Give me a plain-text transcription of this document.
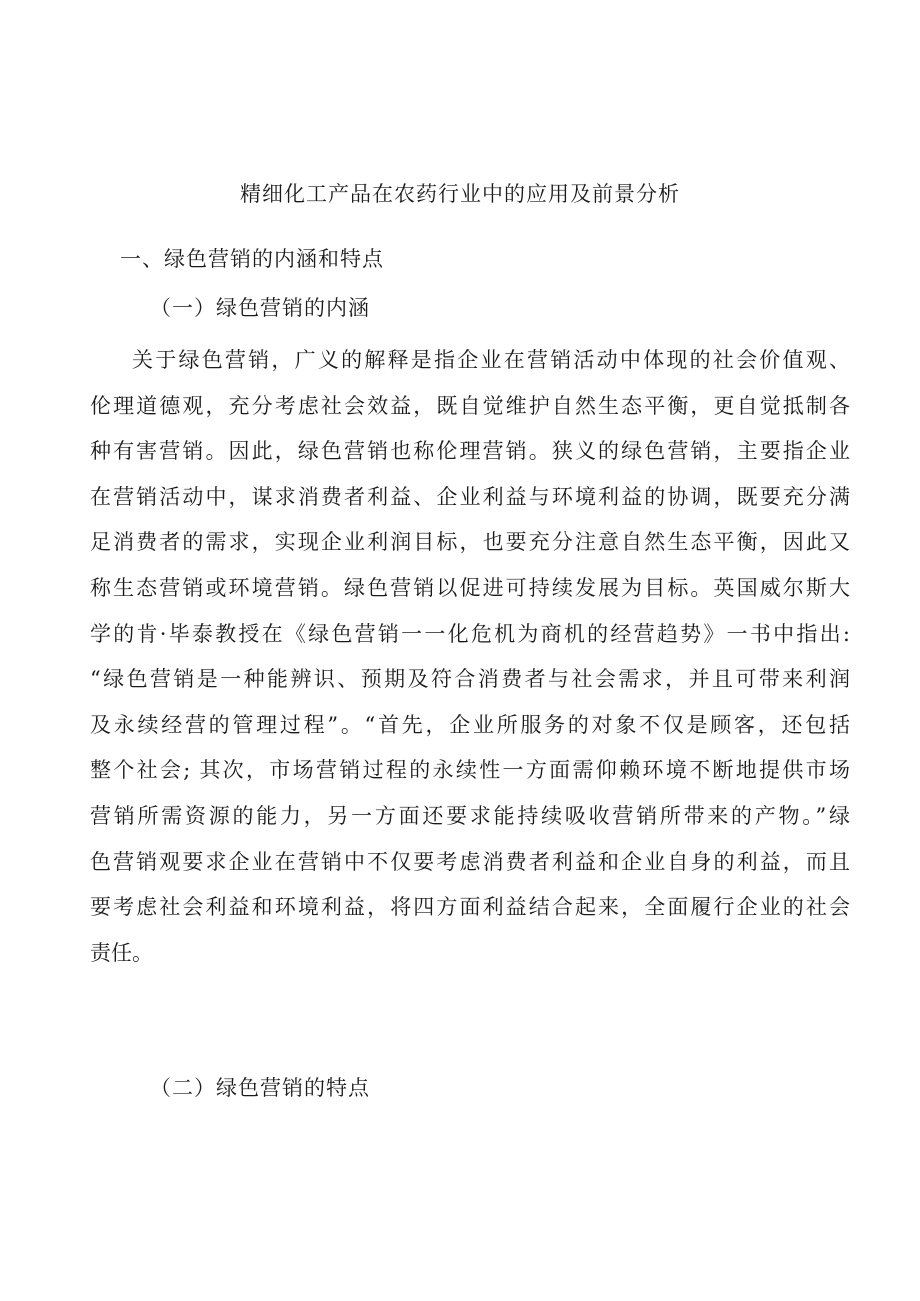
精细化工产品在农药行业中的应用及前景分析
一、绿色营销的内涵和特点
（一）绿色营销的内涵
关于绿色营销，广义的解释是指企业在营销活动中体现的社会价值观、
伦理道德观，充分考虑社会效益，既自觉维护自然生态平衡，更自觉抵制各
种有害营销。因此，绿色营销也称伦理营销。狭义的绿色营销，主要指企业
在营销活动中，谋求消费者利益、企业利益与环境利益的协调，既要充分满
足消费者的需求，实现企业利润目标，也要充分注意自然生态平衡，因此又
称生态营销或环境营销。绿色营销以促进可持续发展为目标。英国威尔斯大
学的肯·毕泰教授在《绿色营销一一化危机为商机的经营趋势》一书中指出:
“绿色营销是一种能辨识、预期及符合消费者与社会需求，并且可带来利润
及永续经营的管理过程”。“首先，企业所服务的对象不仅是顾客，还包括
整个社会; 其次，市场营销过程的永续性一方面需仰赖环境不断地提供市场
营销所需资源的能力，另一方面还要求能持续吸收营销所带来的产物。”绿
色营销观要求企业在营销中不仅要考虑消费者利益和企业自身的利益，而且
要考虑社会利益和环境利益，将四方面利益结合起来，全面履行企业的社会
责任。
（二）绿色营销的特点
